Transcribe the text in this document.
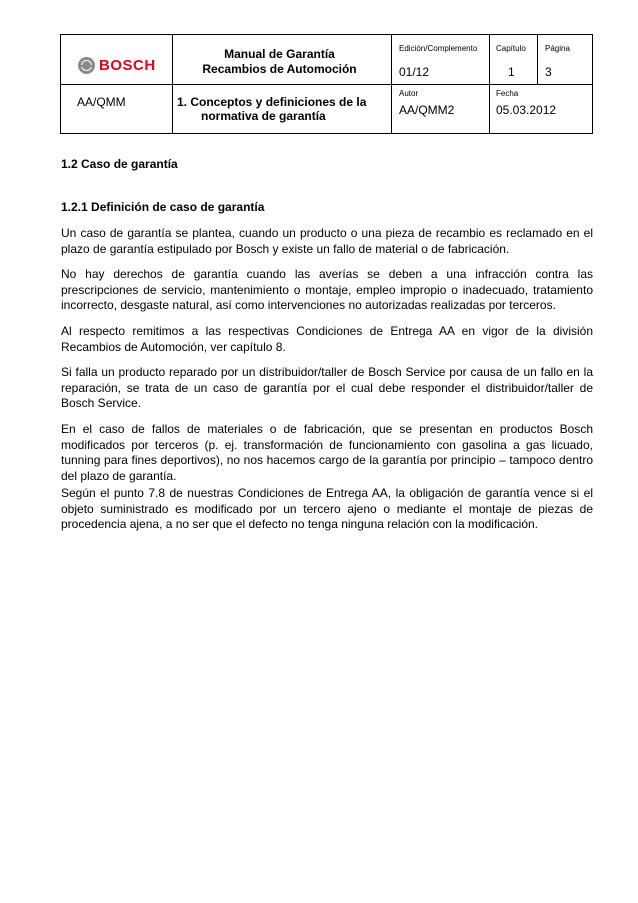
BOSCH
AA/QMM
Manual de Garantía
Recambios de Automoción
1. Conceptos y definiciones de la
normativa de garantía
Edición/Complemento
01/12
Capítulo
1
Página
3
Autor
AA/QMM2
Fecha
05.03.2012
1.2 Caso de garantía
1.2.1 Definición de caso de garantía

Un caso de garantía se plantea, cuando un producto o una pieza de recambio es reclamado en el plazo de garantía estipulado por Bosch y existe un fallo de material o de fabricación.

No hay derechos de garantía cuando las averías se deben a una infracción contra las prescripciones de servicio, mantenimiento o montaje, empleo impropio o inadecuado, tratamiento incorrecto, desgaste natural, así como intervenciones no autorizadas realizadas por terceros.

Al respecto remitimos a las respectivas Condiciones de Entrega AA en vigor de la división Recambios de Automoción, ver capítulo 8.

Si falla un producto reparado por un distribuidor/taller de Bosch Service por causa de un fallo en la reparación, se trata de un caso de garantía por el cual debe responder el distribuidor/taller de Bosch Service.

En el caso de fallos de materiales o de fabricación, que se presentan en productos Bosch modificados por terceros (p. ej. transformación de funcionamiento con gasolina a gas licuado, tunning para fines deportivos), no nos hacemos cargo de la garantía por principio – tampoco dentro del plazo de garantía.

Según el punto 7.8 de nuestras Condiciones de Entrega AA, la obligación de garantía vence si el objeto suministrado es modificado por un tercero ajeno o mediante el montaje de piezas de procedencia ajena, a no ser que el defecto no tenga ninguna relación con la modificación.
